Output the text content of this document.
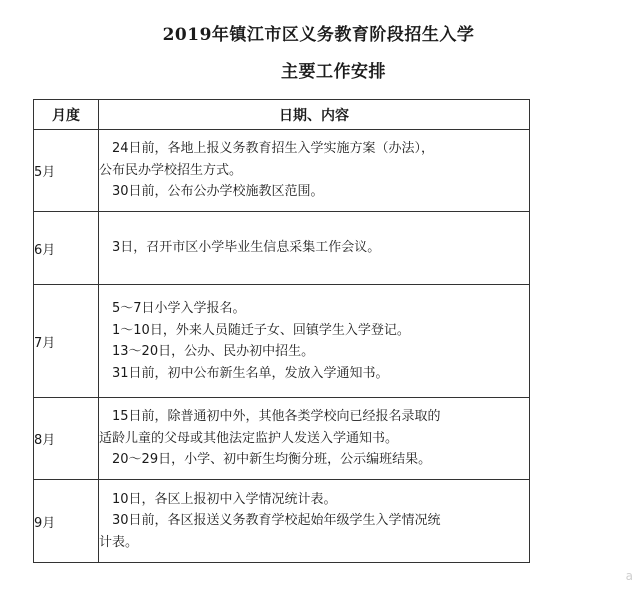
2019年镇江市区义务教育阶段招生入学
主要工作安排
月度	日期、内容
5月	24日前，各地上报义务教育招生入学实施方案（办法），
公布民办学校招生方式。
30日前，公布公办学校施教区范围。

6月	3日，召开市区小学毕业生信息采集工作会议。

7月	5～7日小学入学报名。
1～10日，外来人员随迁子女、回镇学生入学登记。
13～20日，公办、民办初中招生。
31日前，初中公布新生名单，发放入学通知书。

8月	15日前，除普通初中外，其他各类学校向已经报名录取的
适龄儿童的父母或其他法定监护人发送入学通知书。
20～29日，小学、初中新生均衡分班，公示编班结果。

9月	10日，各区上报初中入学情况统计表。
30日前，各区报送义务教育学校起始年级学生入学情况统
计表。
a
